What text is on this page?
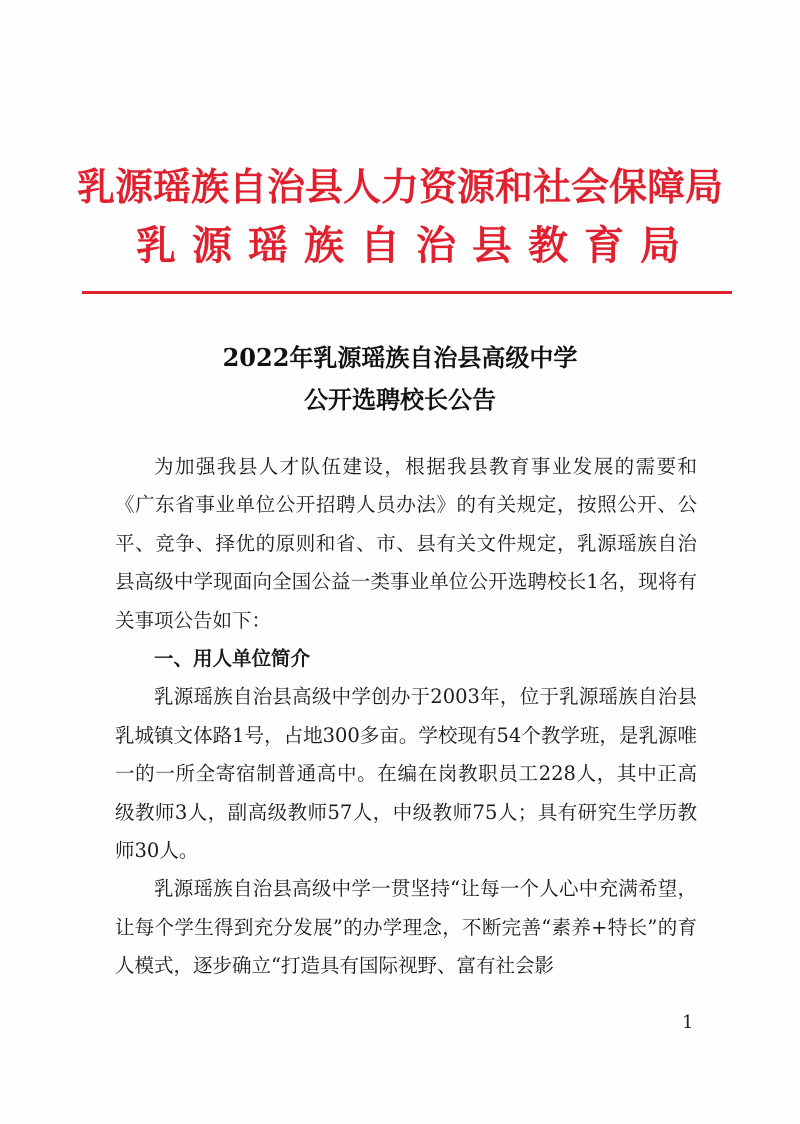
乳源瑶族自治县人力资源和社会保障局
乳源瑶族自治县教育局
2022年乳源瑶族自治县高级中学
公开选聘校长公告

为加强我县人才队伍建设，根据我县教育事业发展的需要和《广东省事业单位公开招聘人员办法》的有关规定，按照公开、公平、竞争、择优的原则和省、市、县有关文件规定，乳源瑶族自治县高级中学现面向全国公益一类事业单位公开选聘校长1名，现将有关事项公告如下：

一、用人单位简介

乳源瑶族自治县高级中学创办于2003年，位于乳源瑶族自治县乳城镇文体路1号，占地300多亩。学校现有54个教学班，是乳源唯一的一所全寄宿制普通高中。在编在岗教职员工228人，其中正高级教师3人，副高级教师57人，中级教师75人；具有研究生学历教师30人。

乳源瑶族自治县高级中学一贯坚持“让每一个人心中充满希望，让每个学生得到充分发展”的办学理念，不断完善“素养+特长”的育人模式，逐步确立“打造具有国际视野、富有社会影

1
